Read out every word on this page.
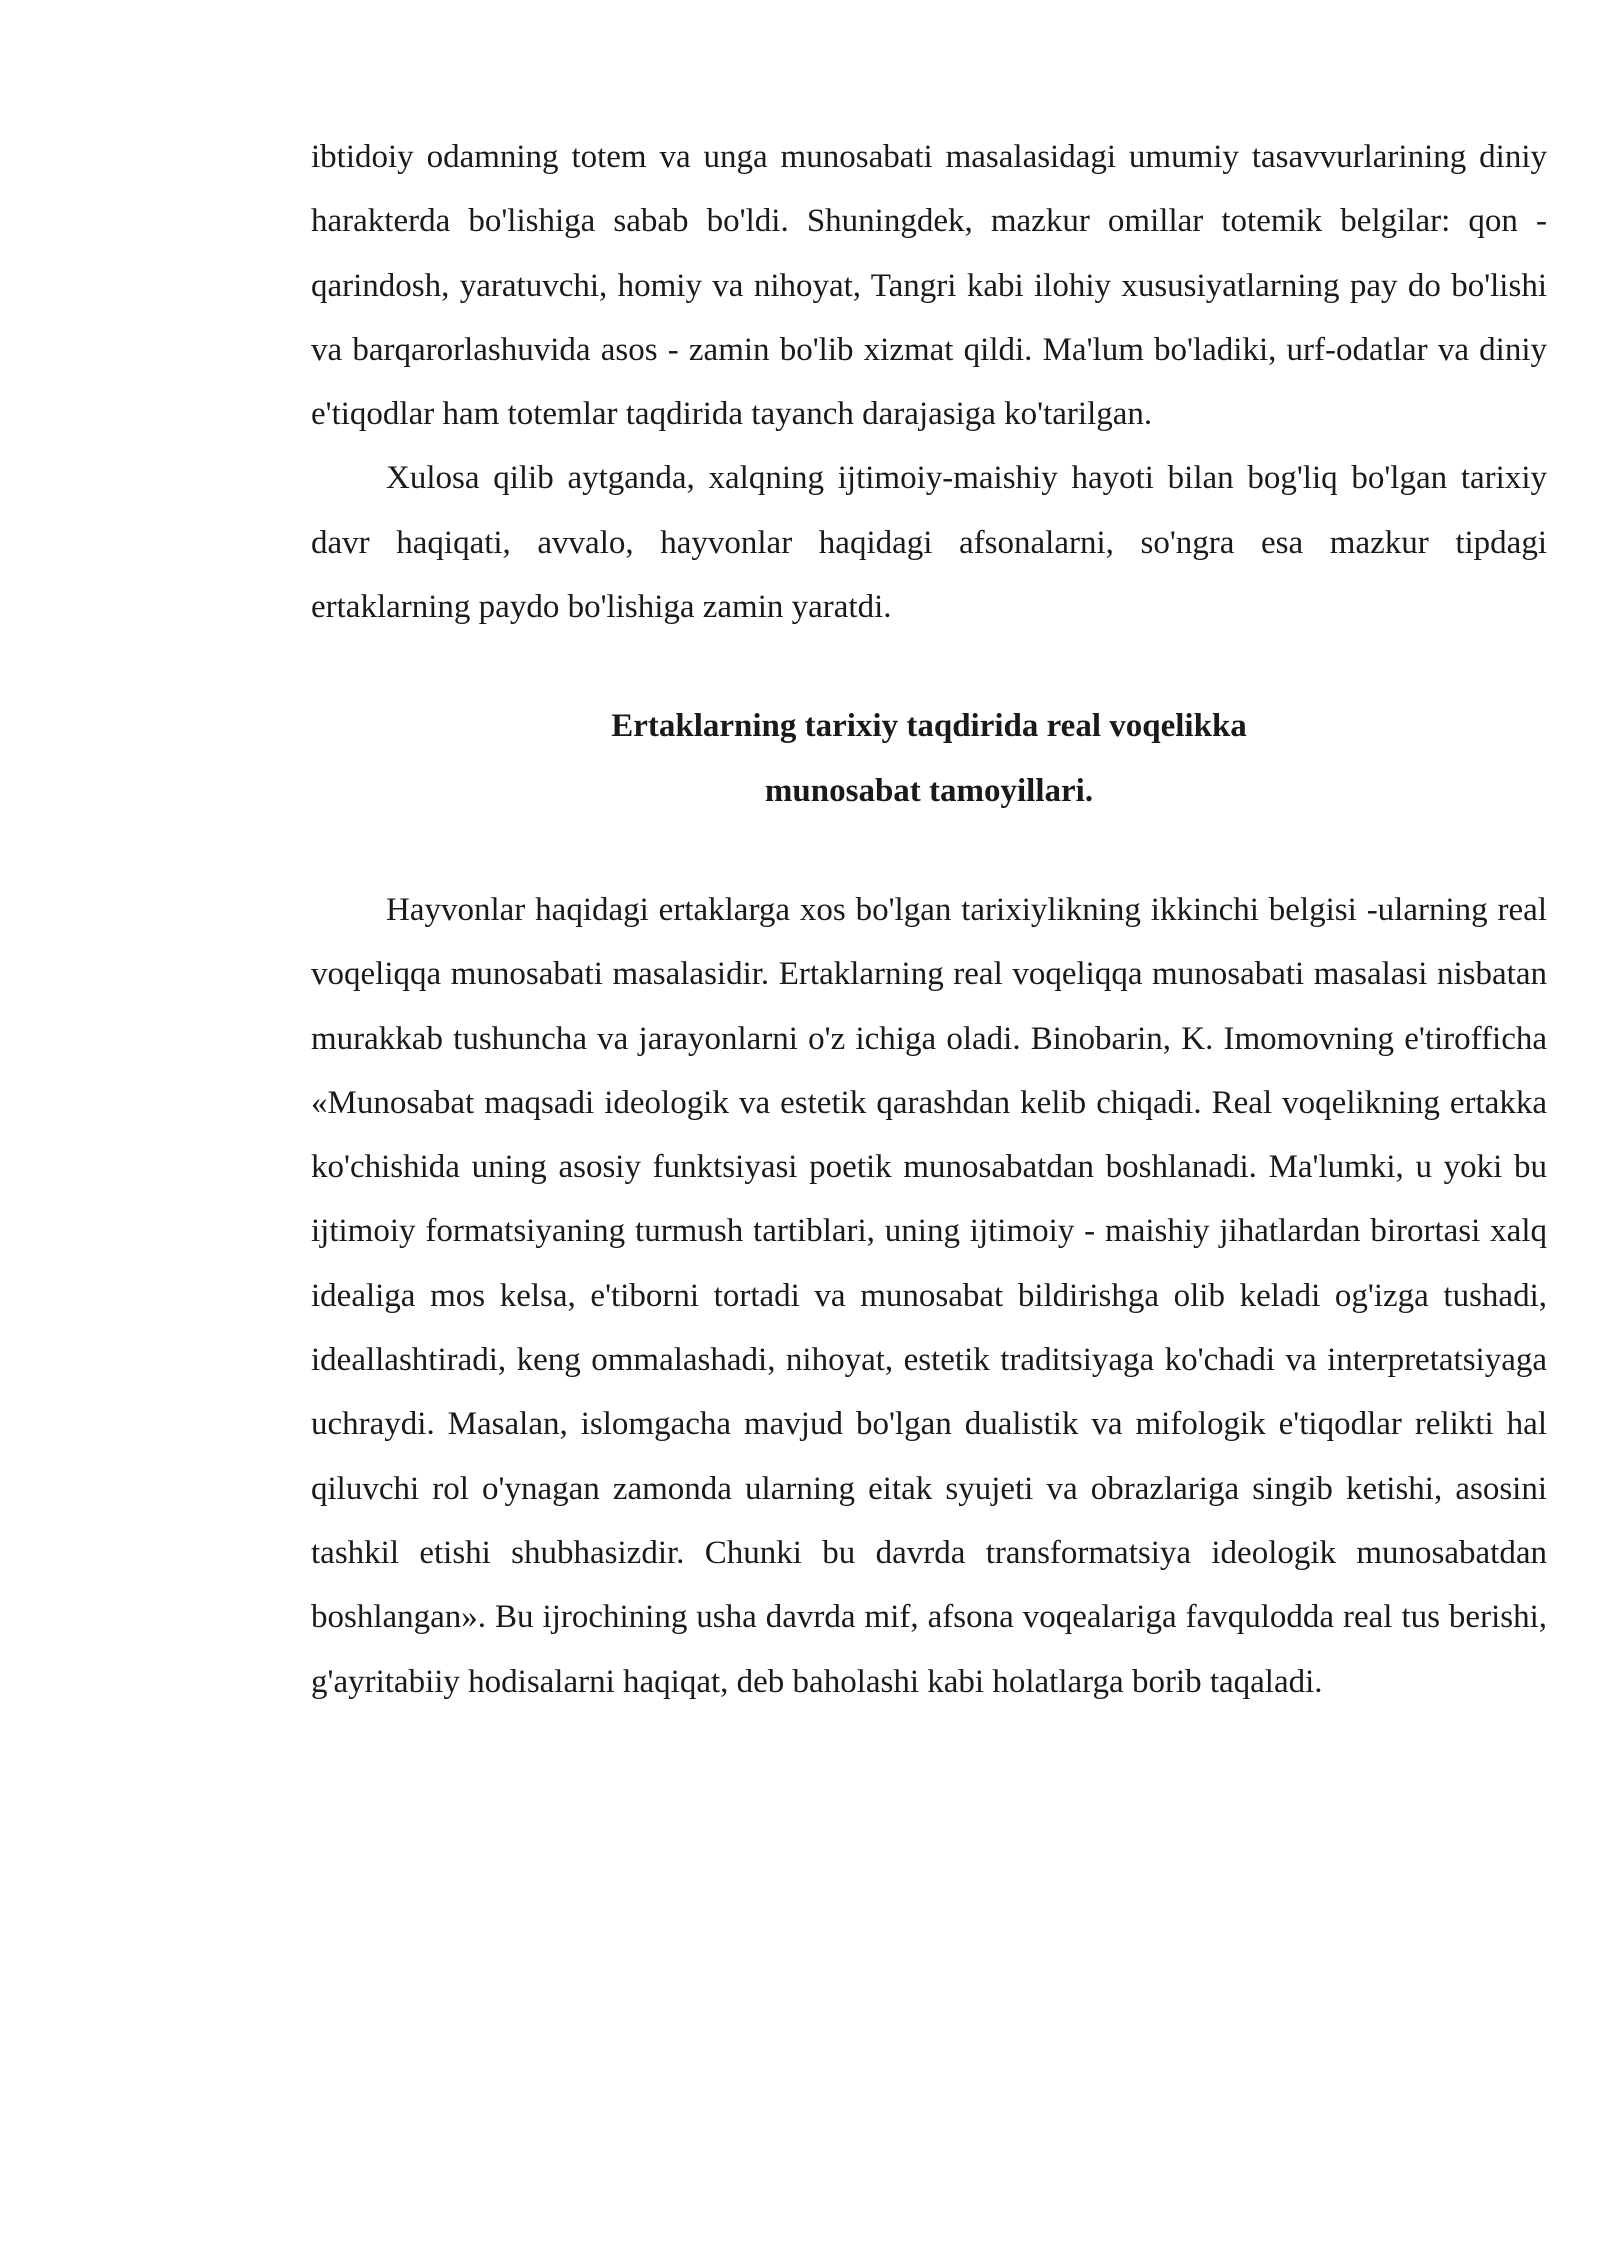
ibtidoiy odamning totem va unga munosabati masalasidagi umumiy tasavvurlarining diniy harakterda bo'lishiga sabab bo'ldi. Shuningdek, mazkur omillar totemik belgilar: qon - qarindosh, yaratuvchi, homiy va nihoyat, Tangri kabi ilohiy xususiyatlarning pay do bo'lishi va barqarorlashuvida asos - zamin bo'lib xizmat qildi. Ma'lum bo'ladiki, urf-odatlar va diniy e'tiqodlar ham totemlar taqdirida tayanch darajasiga ko'tarilgan.

Xulosa qilib aytganda, xalqning ijtimoiy-maishiy hayoti bilan bog'liq bo'lgan tarixiy davr haqiqati, avvalo, hayvonlar haqidagi afsonalarni, so'ngra esa mazkur tipdagi ertaklarning paydo bo'lishiga zamin yaratdi.

Ertaklarning tarixiy taqdirida real voqelikka
munosabat tamoyillari.

Hayvonlar haqidagi ertaklarga xos bo'lgan tarixiylikning ikkinchi belgisi -ularning real voqeliqqa munosabati masalasidir. Ertaklarning real voqeliqqa munosabati masalasi nisbatan murakkab tushuncha va jarayonlarni o'z ichiga oladi. Binobarin, K. Imomovning e'tirofficha «Munosabat maqsadi ideologik va estetik qarashdan kelib chiqadi. Real voqelikning ertakka ko'chishida uning asosiy funktsiyasi poetik munosabatdan boshlanadi. Ma'lumki, u yoki bu ijtimoiy formatsiyaning turmush tartiblari, uning ijtimoiy - maishiy jihatlardan birortasi xalq idealiga mos kelsa, e'tiborni tortadi va munosabat bildirishga olib keladi og'izga tushadi, ideallashtiradi, keng ommalashadi, nihoyat, estetik traditsiyaga ko'chadi va interpretatsiyaga uchraydi. Masalan, islomgacha mavjud bo'lgan dualistik va mifologik e'tiqodlar relikti hal qiluvchi rol o'ynagan zamonda ularning eitak syujeti va obrazlariga singib ketishi, asosini tashkil etishi shubhasizdir. Chunki bu davrda transformatsiya ideologik munosabatdan boshlangan». Bu ijrochining usha davrda mif, afsona voqealariga favqulodda real tus berishi, g'ayritabiiy hodisalarni haqiqat, deb baholashi kabi holatlarga borib taqaladi.
